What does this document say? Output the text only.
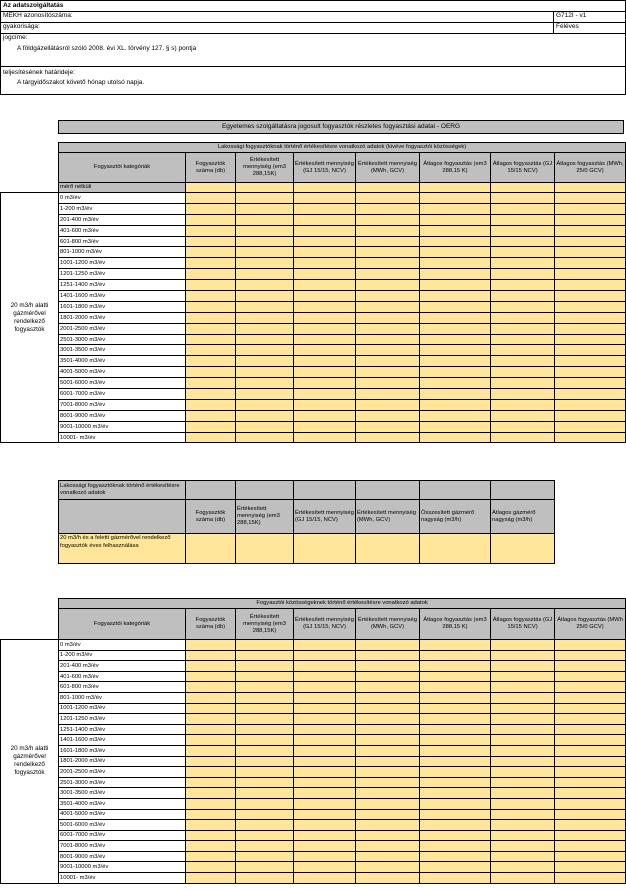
Az adatszolgáltatás
MEKH azonosítószáma:	G712I - v1
gyakorisága:	Féléves
jogcíme:
A földgázellátásról szóló 2008. évi XL. törvény 127. § s) pontja
teljesítésének határideje:
A tárgyidőszakot követő hónap utolsó napja.
Egyetemes szolgáltatásra jogosult fogyasztók részletes fogyasztási adatai - OERG
	Lakossági fogyasztóknak történő értékesítésre vonatkozó adatok (kivéve fogyasztói közösségek)							
	Fogyasztói kategóriák	Fogyasztók száma (db)	Értékesített mennyiség (em3 288,15K)	Értékesített mennyiség (GJ 15/15, NCV)	Értékesített mennyiség (MWh, GCV)	Átlagos fogyasztás (em3 288,15 K)	Átlagos fogyasztás (GJ 15/15 NCV)	Átlagos fogyasztás (MWh, 25/0 GCV)
	mérő nélküli							
20 m3/h alatti gázmérővel rendelkező fogyasztók	0 m3/év							
	1-200 m3/év							
	201-400 m3/év							
	401-600 m3/év							
	601-800 m3/év							
	801-1000 m3/év							
	1001-1200 m3/év							
	1201-1250 m3/év							
	1251-1400 m3/év							
	1401-1600 m3/év							
	1601-1800 m3/év							
	1801-2000 m3/év							
	2001-2500 m3/év							
	2501-3000 m3/év							
	3001-3500 m3/év							
	3501-4000 m3/év							
	4001-5000 m3/év							
	5001-6000 m3/év							
	6001-7000 m3/év							
	7001-8000 m3/év							
	8001-9000 m3/év							
	9001-10000 m3/év							
	10001- m3/év							
Lakossági fogyasztóknak történő értékesítésre vonatkozó adatok							
	Fogyasztók száma (db)	Értékesített mennyiség (em3 288,15K)	Értékesített mennyiség (GJ 15/15, NCV)	Értékesített mennyiség (MWh, GCV)	Összesített gázmérő nagyság (m3/h)	Átlagos gázmérő nagyság (m3/h)	
20 m3/h és a feletti gázmérővel rendelkező fogyasztók éves felhasználása							
	Fogyasztói közösségeknek történő értékesítésre vonatkozó adatok							
	Fogyasztói kategóriák	Fogyasztók száma (db)	Értékesített mennyiség (em3 288,15K)	Értékesített mennyiség (GJ 15/15, NCV)	Értékesített mennyiség (MWh, GCV)	Átlagos fogyasztás (em3 288,15 K)	Átlagos fogyasztás (GJ 15/15 NCV)	Átlagos fogyasztás (MWh 25/0 GCV)
20 m3/h alatti gázmérővel rendelkező fogyasztók	0 m3/év							
	1-200 m3/év							
	201-400 m3/év							
	401-600 m3/év							
	601-800 m3/év							
	801-1000 m3/év							
	1001-1200 m3/év							
	1201-1250 m3/év							
	1251-1400 m3/év							
	1401-1600 m3/év							
	1601-1800 m3/év							
	1801-2000 m3/év							
	2001-2500 m3/év							
	2501-3000 m3/év							
	3001-3500 m3/év							
	3501-4000 m3/év							
	4001-5000 m3/év							
	5001-6000 m3/év							
	6001-7000 m3/év							
	7001-8000 m3/év							
	8001-9000 m3/év							
	9001-10000 m3/év							
	10001- m3/év							
